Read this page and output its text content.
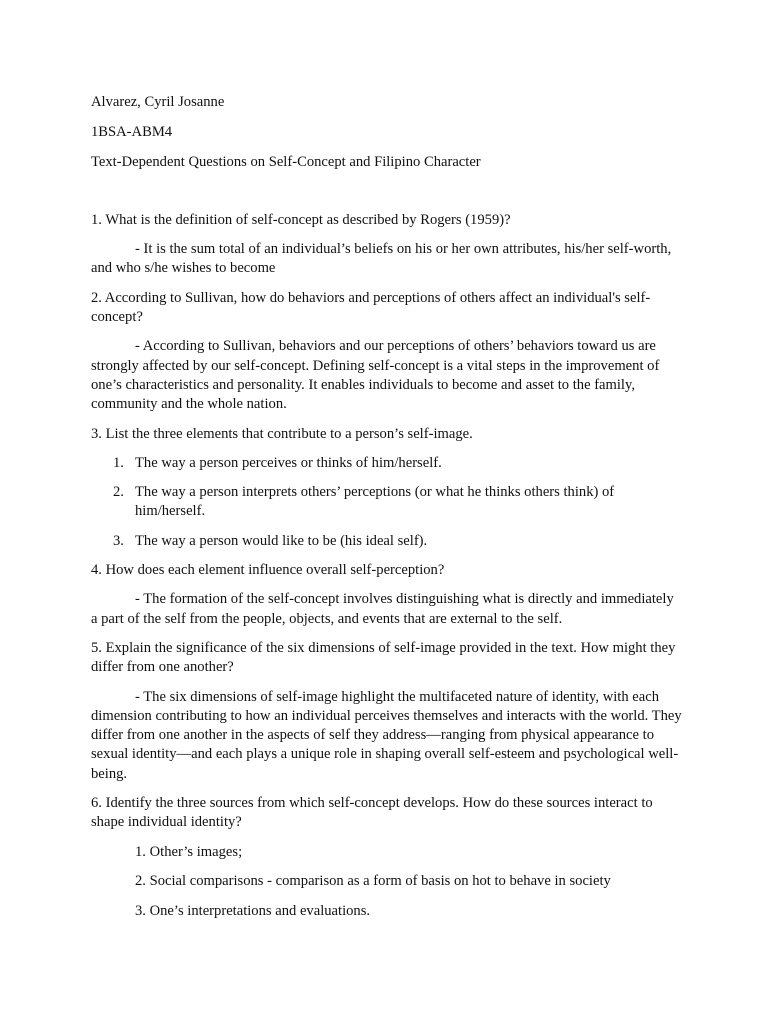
Alvarez, Cyril Josanne
1BSA-ABM4
Text-Dependent Questions on Self-Concept and Filipino Character

1. What is the definition of self-concept as described by Rogers (1959)?

- It is the sum total of an individual’s beliefs on his or her own attributes, his/her self-worth, and who s/he wishes to become

2. According to Sullivan, how do behaviors and perceptions of others affect an individual's self-concept?

- According to Sullivan, behaviors and our perceptions of others’ behaviors toward us are strongly affected by our self-concept. Defining self-concept is a vital steps in the improvement of one’s characteristics and personality. It enables individuals to become and asset to the family, community and the whole nation.

3. List the three elements that contribute to a person’s self-image.

1. The way a person perceives or thinks of him/herself.
2. The way a person interprets others’ perceptions (or what he thinks others think) of him/herself.
3. The way a person would like to be (his ideal self).

4. How does each element influence overall self-perception?

- The formation of the self-concept involves distinguishing what is directly and immediately a part of the self from the people, objects, and events that are external to the self.

5. Explain the significance of the six dimensions of self-image provided in the text. How might they differ from one another?

- The six dimensions of self-image highlight the multifaceted nature of identity, with each dimension contributing to how an individual perceives themselves and interacts with the world. They differ from one another in the aspects of self they address—ranging from physical appearance to sexual identity—and each plays a unique role in shaping overall self-esteem and psychological well-being.

6. Identify the three sources from which self-concept develops. How do these sources interact to shape individual identity?

1. Other’s images;
2. Social comparisons - comparison as a form of basis on hot to behave in society
3. One’s interpretations and evaluations.
